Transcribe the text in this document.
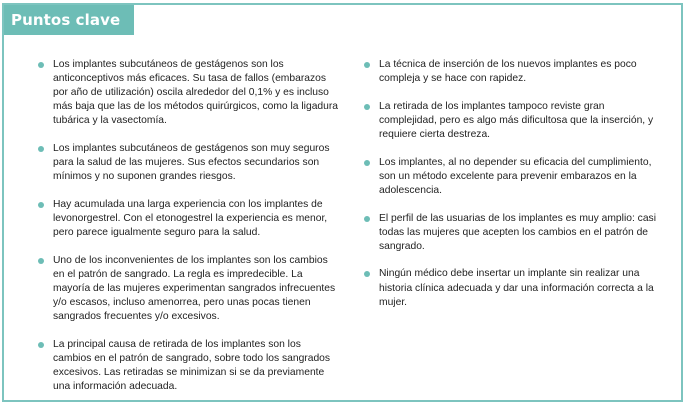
Puntos clave
Los implantes subcutáneos de gestágenos son los anticonceptivos más eficaces. Su tasa de fallos (embarazos por año de utilización) oscila alrededor del 0,1% y es incluso más baja que las de los métodos quirúrgicos, como la ligadura tubárica y la vasectomía.
Los implantes subcutáneos de gestágenos son muy seguros para la salud de las mujeres. Sus efectos secundarios son mínimos y no suponen grandes riesgos.
Hay acumulada una larga experiencia con los implantes de levonorgestrel. Con el etonogestrel la experiencia es menor, pero parece igualmente seguro para la salud.
Uno de los inconvenientes de los implantes son los cambios en el patrón de sangrado. La regla es impredecible. La mayoría de las mujeres experimentan sangrados infrecuentes y/o escasos, incluso amenorrea, pero unas pocas tienen sangrados frecuentes y/o excesivos.
La principal causa de retirada de los implantes son los cambios en el patrón de sangrado, sobre todo los sangrados excesivos. Las retiradas se minimizan si se da previamente una información adecuada.
La técnica de inserción de los nuevos implantes es poco compleja y se hace con rapidez.
La retirada de los implantes tampoco reviste gran complejidad, pero es algo más dificultosa que la inserción, y requiere cierta destreza.
Los implantes, al no depender su eficacia del cumplimiento, son un método excelente para prevenir embarazos en la adolescencia.
El perfil de las usuarias de los implantes es muy amplio: casi todas las mujeres que acepten los cambios en el patrón de sangrado.
Ningún médico debe insertar un implante sin realizar una historia clínica adecuada y dar una información correcta a la mujer.
